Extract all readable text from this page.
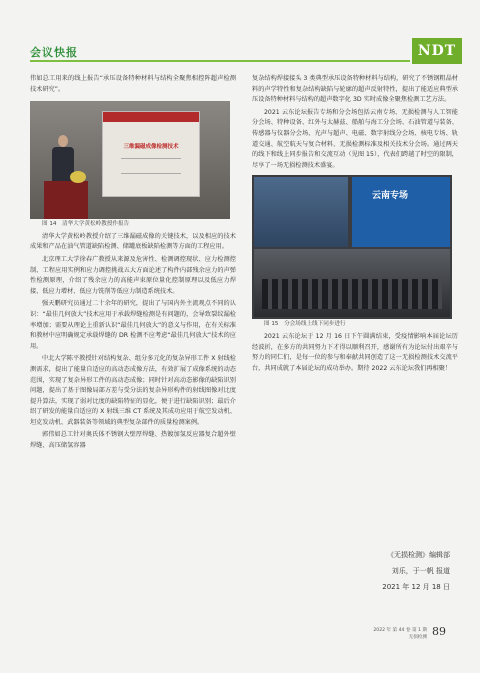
会议快报	NDT

伟如总工用来的线上报告“承压设备特种材料与结构全聚焦相控阵超声检测技术研究”。

三维漏磁成像检测技术

图 14　清华大学黄松岭教授作报告

清华大学黄松岭教授介绍了三维漏磁成像的关键技术，以及相应的技术成果和产品在油气管道缺陷检测、储罐底板缺陷检测等方面的工程应用。

北京理工大学徐春广教授从来源及危害性、检测调控现状、应力检测控制、工程应用实例和应力调控挑战五大方面论述了构件内部残余应力的声弹性检测原理，介绍了残余应力的高能声束原位量化控制原理以及低应力焊接、低应力增材、低应力铣削等低应力制造系统技术。

强天鹏研究员通过二十余年的研究，提出了与国内外主流观点不同的认识：“最佳几何放大”技术应用于承载焊缝检测是有问题的，会导致裂纹漏检率增加；需要从理论上重新认识“最佳几何放大”的意义与作用，在有关标准和教材中应明确规定承载焊缝的 DR 检测不应考虑“最佳几何放大”技术的应用。

中北大学陈平教授针对结构复杂、组分多元化的复杂异形工件 X 射线检测需求，提出了能量自适应的高动态成像方法，有效扩展了成像系统的动态范围，实现了复杂异形工件的高动态成像；同时针对高动态影像的缺陷识别问题，提出了基于图像局部方差与受分法的复杂异形构件的射线图像对比度提升算法，实现了弱对比度的缺陷特征的显化，便于进行缺陷识别；最后介绍了研发的能量自适应的 X 射线三维 CT 系统及其成功应用于航空发动机、坦克发动机、武器装备等领域的典型复杂部件的质量检测案例。

郭伟如总工针对奥氏体不锈钢大壁厚焊缝、热镀加氢反应器复合超外壁焊缝、高压储氢容器

复杂结构焊接接头 3 类典型承压设备特种材料与结构，研究了不锈钢粗晶材料的声学特性和复杂结构缺陷与轮廓的超声反射特性，提出了能适应典型承压设备特种材料与结构的超声数字化 3D 实时成像全聚焦检测工艺方法。

2021 云东论坛报告专场和分会场包括云南专场、无损检测与人工智能分会场、特种设备、红外与太赫兹、船舶与海工分会场、石油管道与装备、传感器与仪器分会场、光声与超声、电磁、数字射线分会场、核电专场、轨道交通、航空航天与复合材料、无损检测标准及相关技术分会场。通过两天的线下和线上同步报告和交流互动（见图 15），代表们跨越了时空的限制，尽享了一场无损检测技术盛宴。

云南专场

图 15　分会场线上线下同步进行

2021 云东论坛于 12 月 16 日下午圆满结束，受疫情影响本届论坛历经波折，在多方的共同努力下才得以顺利召开，感谢所有为论坛付出艰辛与努力的同仁们，是每一位的参与和奉献共同创造了这一无损检测技术交流平台，共同成就了本届论坛的成功举办。期待 2022 云东论坛我们再相聚！

《无损检测》编辑部
刘乐，于一帆 报道
2021 年 12 月 18 日
2022 年 第 44 卷 第 1 期
无损检测 89
